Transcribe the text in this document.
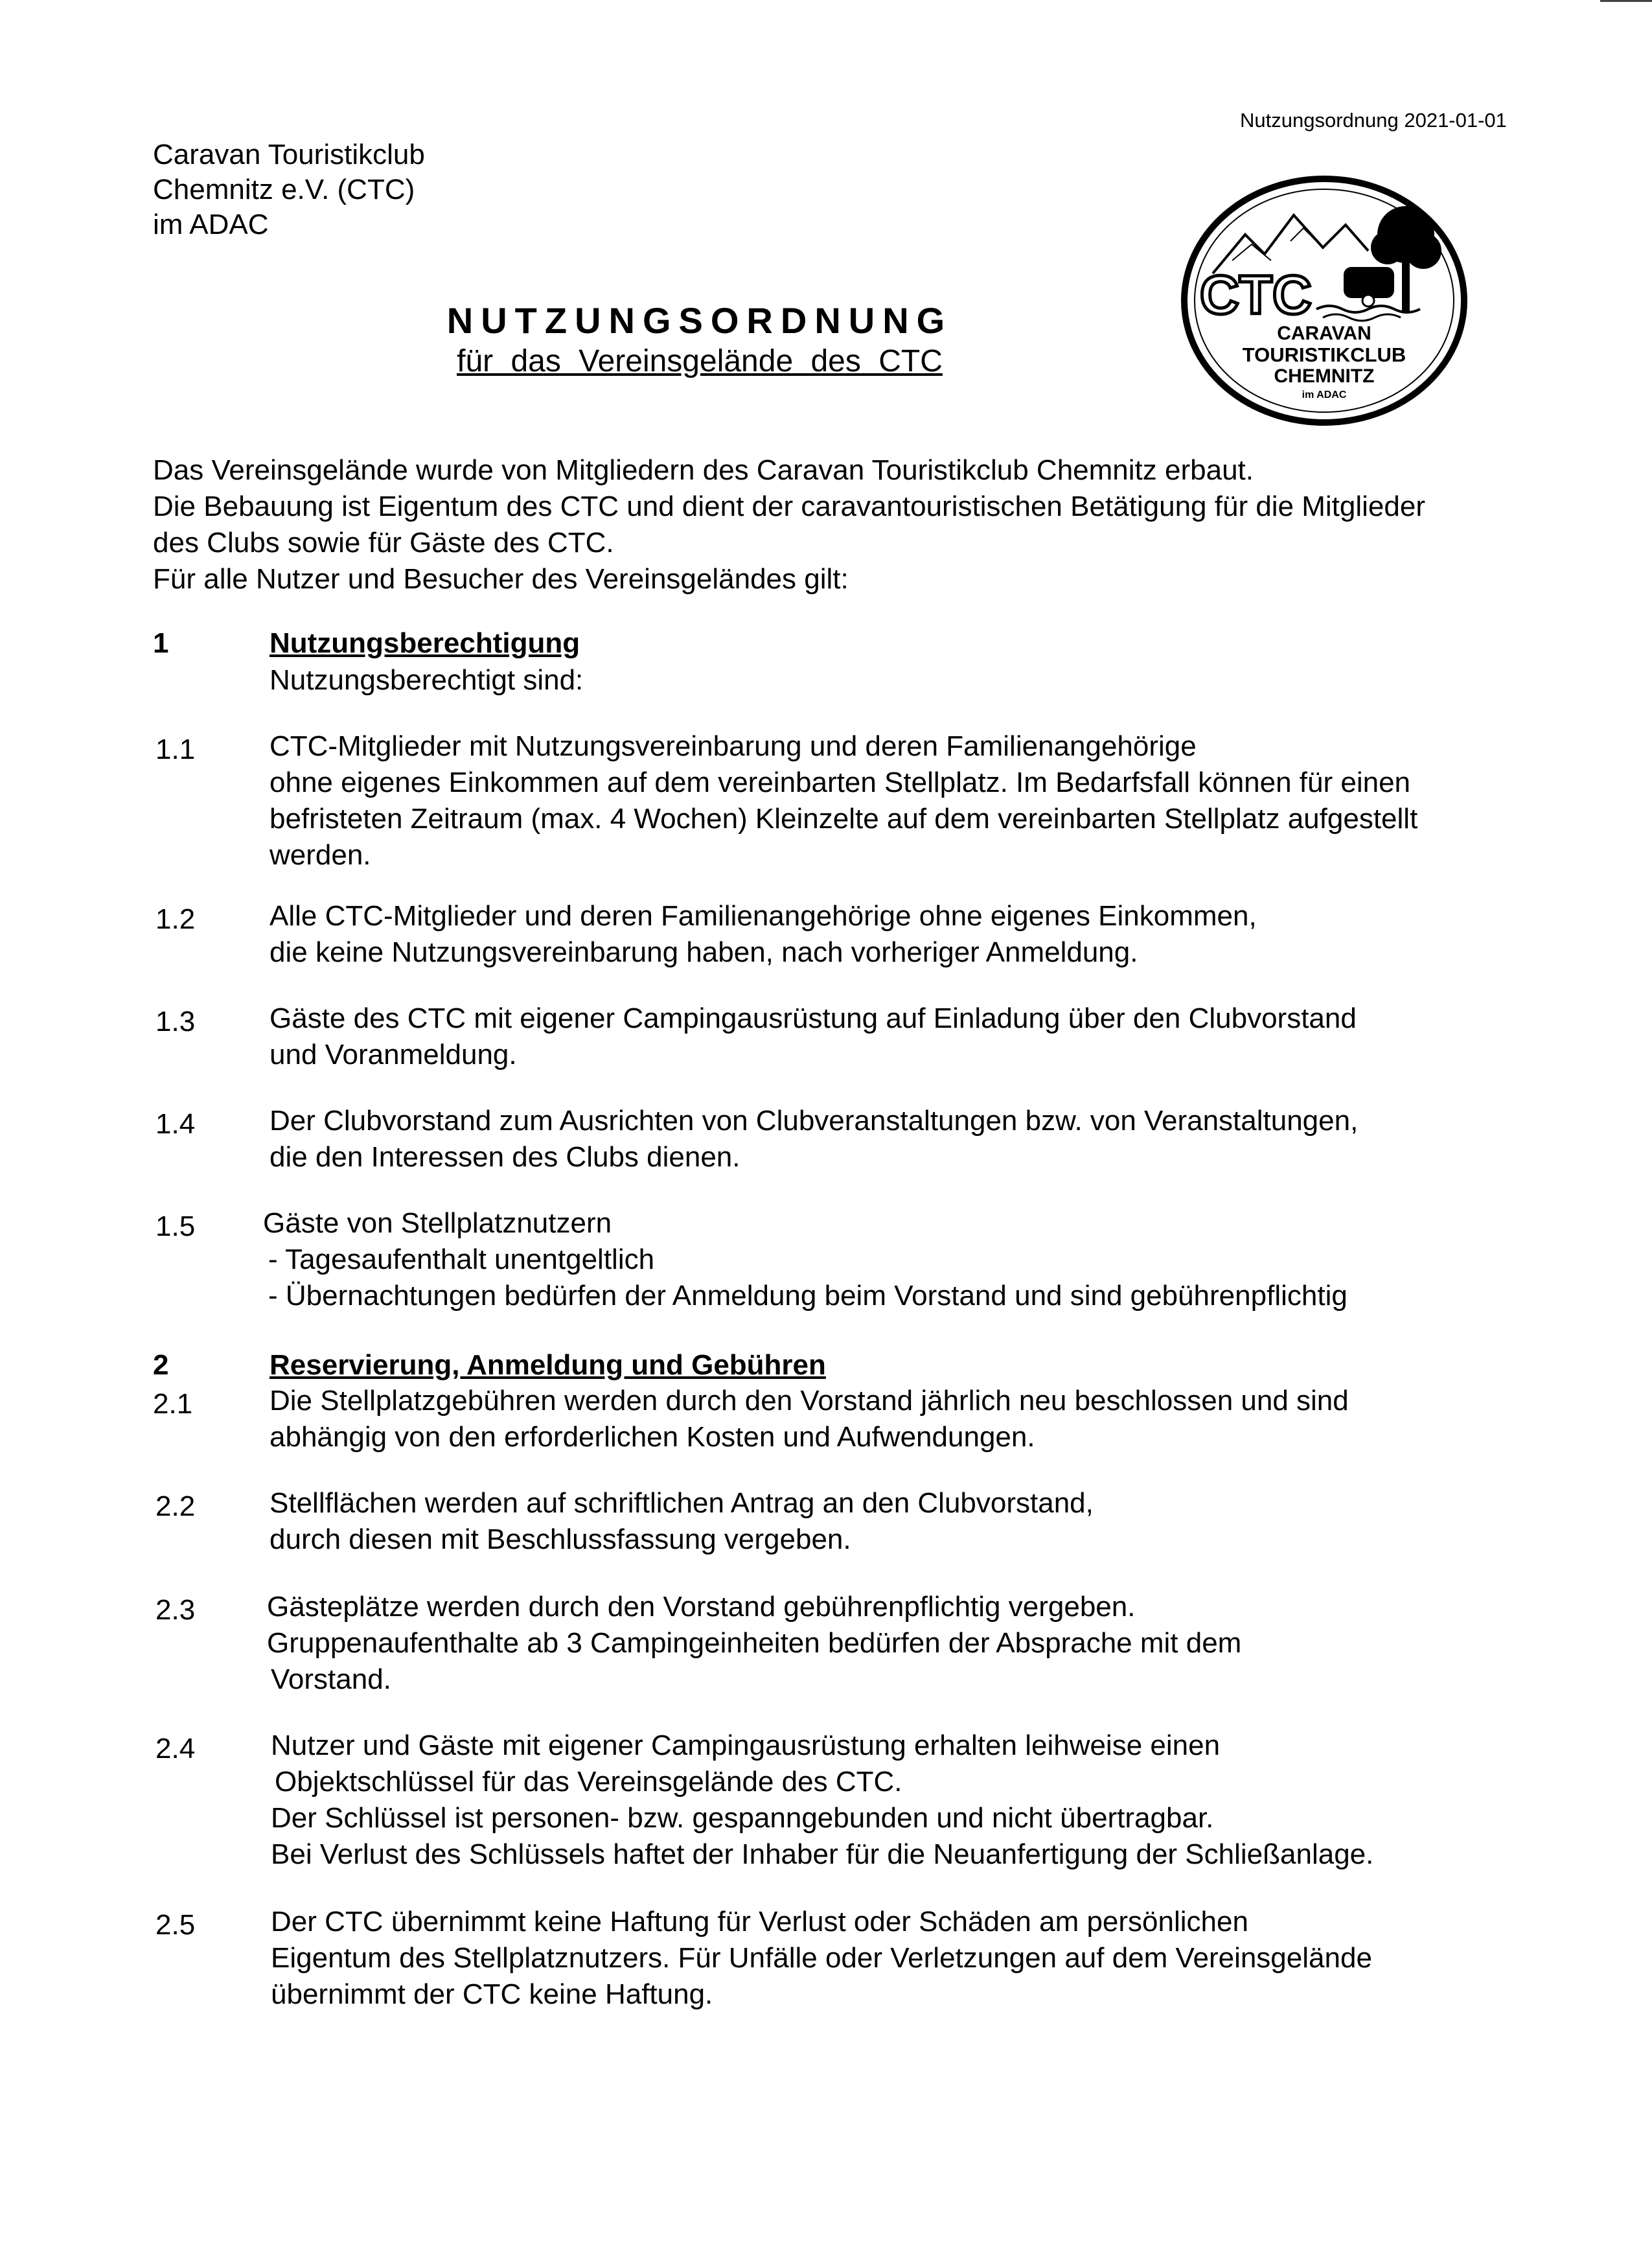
Nutzungsordnung 2021-01-01
Caravan Touristikclub
Chemnitz e.V. (CTC)
im ADAC
NUTZUNGSORDNUNG
für das Vereinsgelände des CTC
CTC
CARAVAN
TOURISTIKCLUB
CHEMNITZ
im ADAC
Das Vereinsgelände wurde von Mitgliedern des Caravan Touristikclub Chemnitz erbaut.
Die Bebauung ist Eigentum des CTC und dient der caravantouristischen Betätigung für die Mitglieder
des Clubs sowie für Gäste des CTC.
Für alle Nutzer und Besucher des Vereinsgeländes gilt:
1	Nutzungsberechtigung
Nutzungsberechtigt sind:
1.1	CTC-Mitglieder mit Nutzungsvereinbarung und deren Familienangehörige
ohne eigenes Einkommen auf dem vereinbarten Stellplatz. Im Bedarfsfall können für einen
befristeten Zeitraum (max. 4 Wochen) Kleinzelte auf dem vereinbarten Stellplatz aufgestellt
werden.
1.2	Alle CTC-Mitglieder und deren Familienangehörige ohne eigenes Einkommen,
die keine Nutzungsvereinbarung haben, nach vorheriger Anmeldung.
1.3	Gäste des CTC mit eigener Campingausrüstung auf Einladung über den Clubvorstand
und Voranmeldung.
1.4	Der Clubvorstand zum Ausrichten von Clubveranstaltungen bzw. von Veranstaltungen,
die den Interessen des Clubs dienen.
1.5 Gäste von Stellplatznutzern
- Tagesaufenthalt unentgeltlich
- Übernachtungen bedürfen der Anmeldung beim Vorstand und sind gebührenpflichtig
2	Reservierung, Anmeldung und Gebühren
2.1	Die Stellplatzgebühren werden durch den Vorstand jährlich neu beschlossen und sind
abhängig von den erforderlichen Kosten und Aufwendungen.
2.2	Stellflächen werden auf schriftlichen Antrag an den Clubvorstand,
durch diesen mit Beschlussfassung vergeben.
2.3	Gästeplätze werden durch den Vorstand gebührenpflichtig vergeben.
Gruppenaufenthalte ab 3 Campingeinheiten bedürfen der Absprache mit dem
Vorstand.
2.4	Nutzer und Gäste mit eigener Campingausrüstung erhalten leihweise einen
Objektschlüssel für das Vereinsgelände des CTC.
Der Schlüssel ist personen- bzw. gespanngebunden und nicht übertragbar.
Bei Verlust des Schlüssels haftet der Inhaber für die Neuanfertigung der Schließanlage.
2.5	Der CTC übernimmt keine Haftung für Verlust oder Schäden am persönlichen
Eigentum des Stellplatznutzers. Für Unfälle oder Verletzungen auf dem Vereinsgelände
übernimmt der CTC keine Haftung.
